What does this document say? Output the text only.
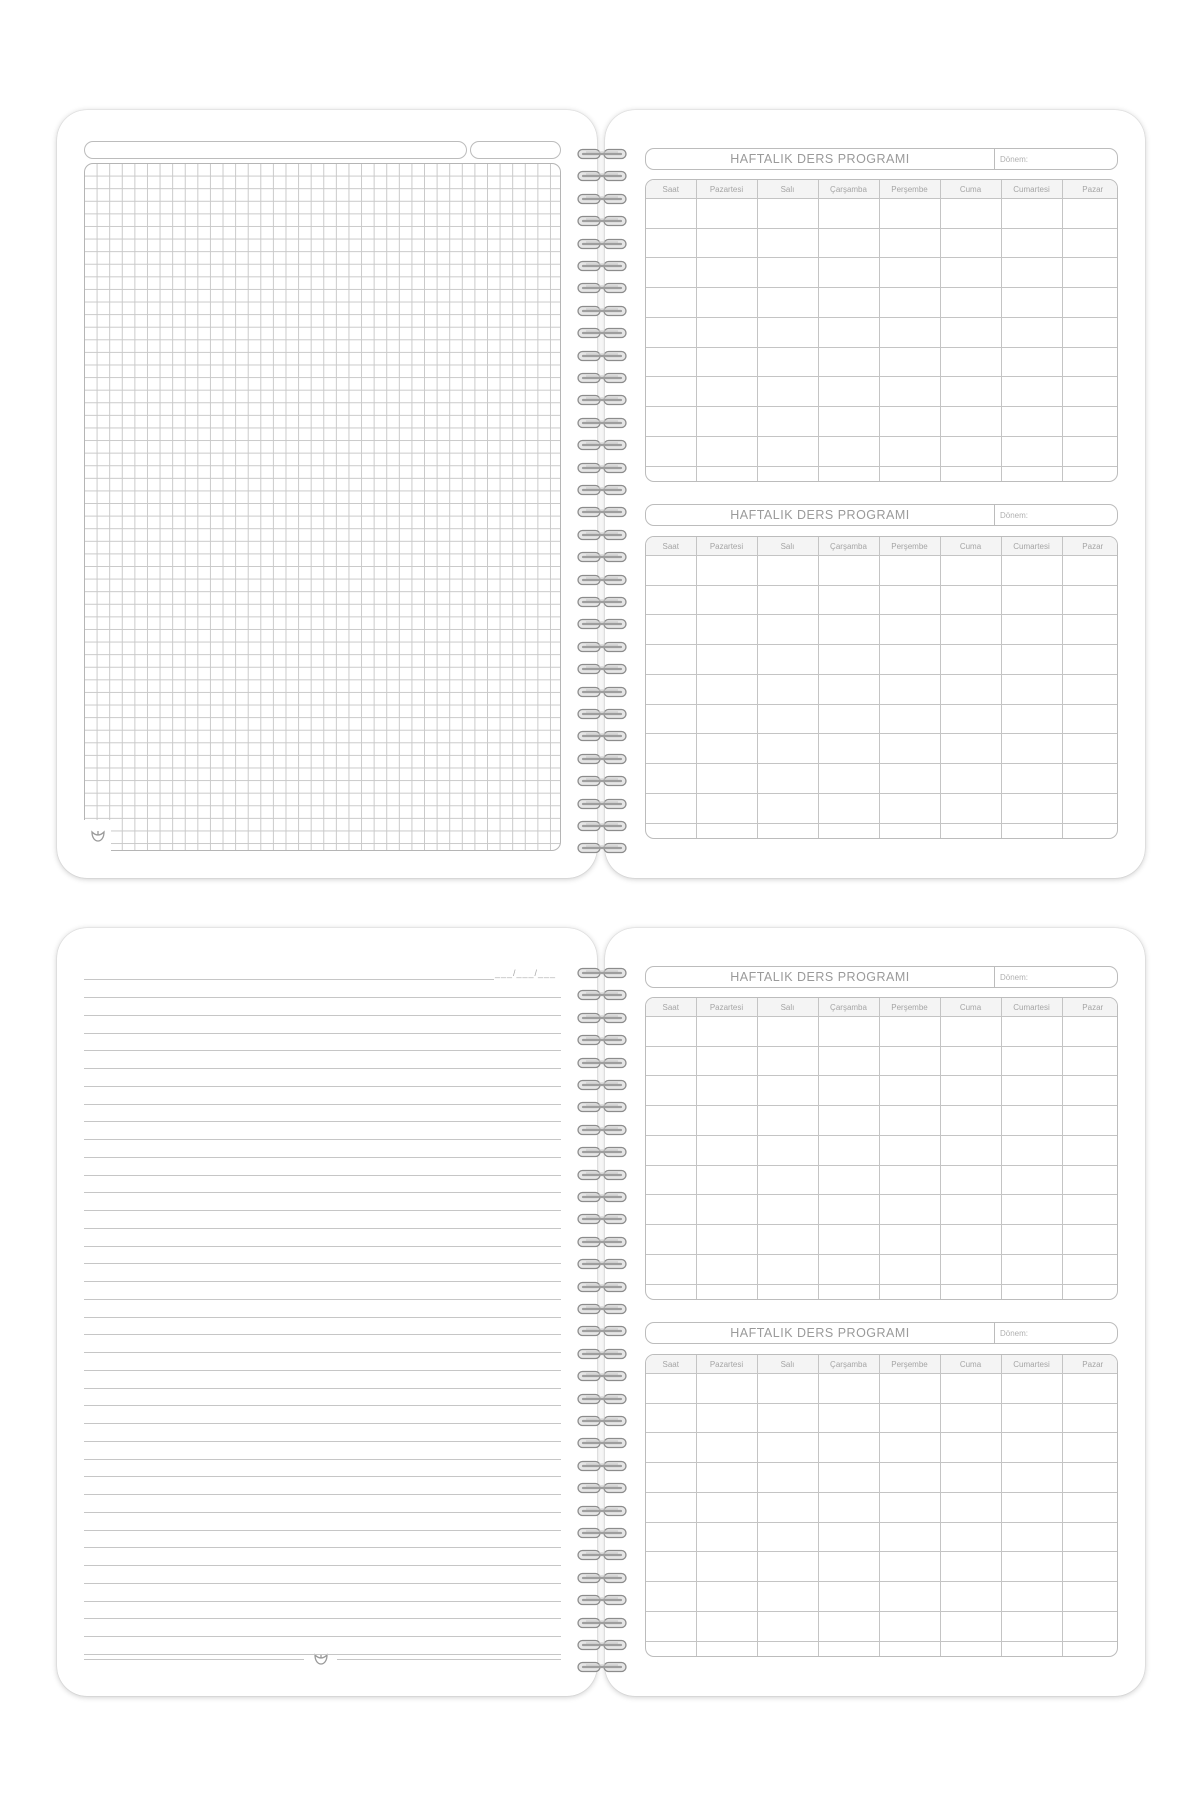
HAFTALIK DERS PROGRAMI	Dönem:
Saat	Pazartesi	Salı	Çarşamba	Perşembe	Cuma	Cumartesi	Pazar

HAFTALIK DERS PROGRAMI	Dönem:
Saat	Pazartesi	Salı	Çarşamba	Perşembe	Cuma	Cumartesi	Pazar

___/___/___	HAFTALIK DERS PROGRAMI	Dönem:
Saat	Pazartesi	Salı	Çarşamba	Perşembe	Cuma	Cumartesi	Pazar

HAFTALIK DERS PROGRAMI	Dönem:
Saat	Pazartesi	Salı	Çarşamba	Perşembe	Cuma	Cumartesi	Pazar
